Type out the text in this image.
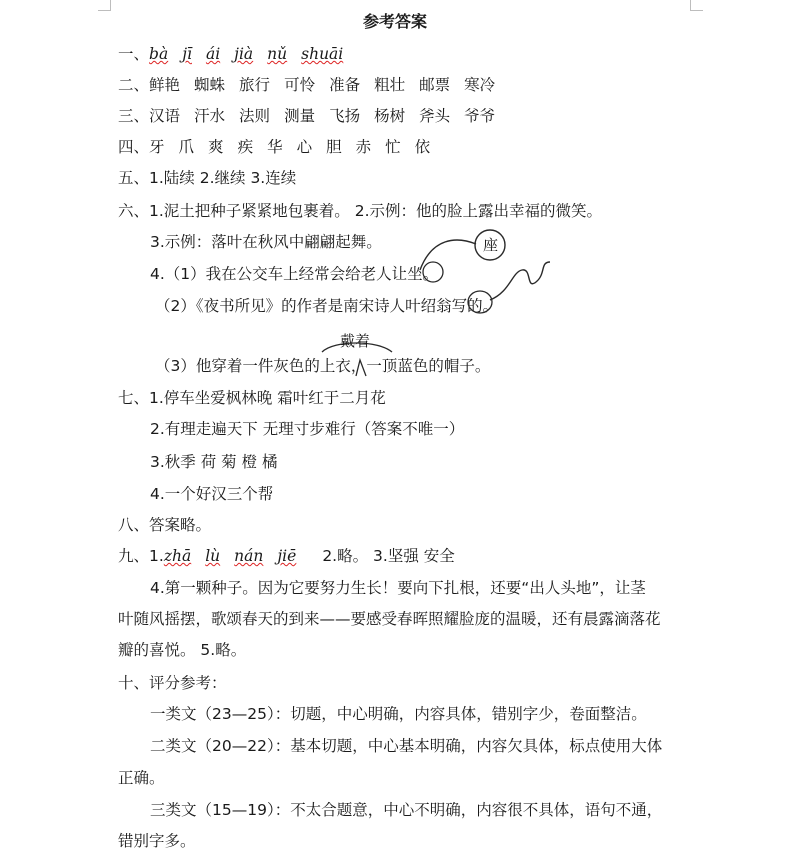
参考答案
一、bà jī ái jià nǔ shuāi
二、鲜艳 蜘蛛 旅行 可怜 准备 粗壮 邮票 寒冷
三、汉语 汗水 法则 测量 飞扬 杨树 斧头 爷爷
四、牙 爪 爽 疾 华 心 胆 赤 忙 依
五、1.陆续 2.继续 3.连续
六、1.泥土把种子紧紧地包裹着。 2.示例：他的脸上露出幸福的微笑。
3.示例：落叶在秋风中翩翩起舞。
4.（1）我在公交车上经常会给老人让坐。
（2）《夜书所见》的作者是南宋诗人叶绍翁写的。
（3）他穿着一件灰色的上衣，一顶蓝色的帽子。
座
戴着
七、1.停车坐爱枫林晚 霜叶红于二月花
2.有理走遍天下 无理寸步难行（答案不唯一）
3.秋季 荷 菊 橙 橘
4.一个好汉三个帮
八、答案略。
九、1.zhā lù nán jiē 2.略。 3.坚强 安全
4.第一颗种子。因为它要努力生长！要向下扎根，还要“出人头地”，让茎
叶随风摇摆，歌颂春天的到来——要感受春晖照耀脸庞的温暖，还有晨露滴落花
瓣的喜悦。 5.略。
十、评分参考：
一类文（23—25）：切题，中心明确，内容具体，错别字少，卷面整洁。
二类文（20—22）：基本切题，中心基本明确，内容欠具体，标点使用大体
正确。
三类文（15—19）：不太合题意，中心不明确，内容很不具体，语句不通，
错别字多。
